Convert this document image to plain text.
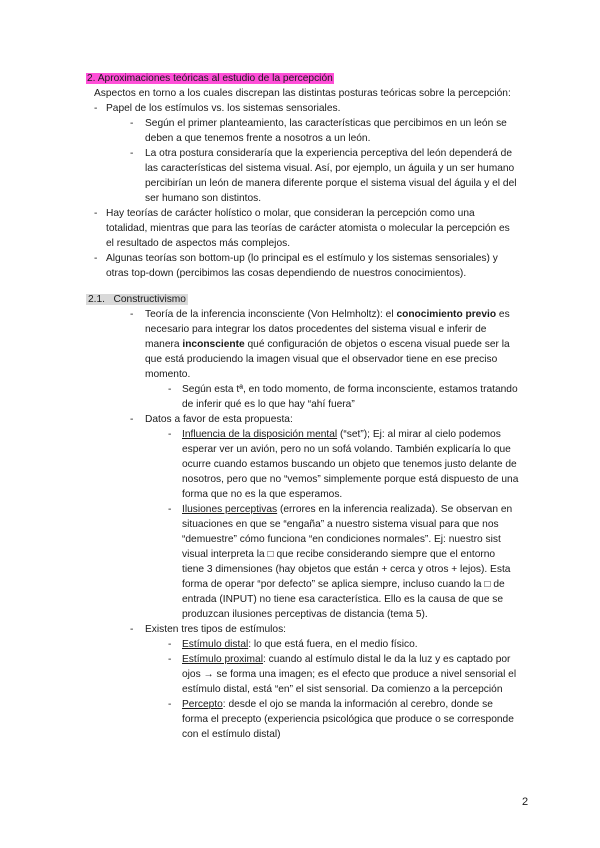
2. Aproximaciones teóricas al estudio de la percepción
Aspectos en torno a los cuales discrepan las distintas posturas teóricas sobre la percepción:
- Papel de los estímulos vs. los sistemas sensoriales.
- Según el primer planteamiento, las características que percibimos en un león se
deben a que tenemos frente a nosotros a un león.
- La otra postura consideraría que la experiencia perceptiva del león dependerá de
las características del sistema visual. Así, por ejemplo, un águila y un ser humano
percibirían un león de manera diferente porque el sistema visual del águila y el del
ser humano son distintos.
- Hay teorías de carácter holístico o molar, que consideran la percepción como una
totalidad, mientras que para las teorías de carácter atomista o molecular la percepción es
el resultado de aspectos más complejos.
- Algunas teorías son bottom-up (lo principal es el estímulo y los sistemas sensoriales) y
otras top-down (percibimos las cosas dependiendo de nuestros conocimientos).
2.1. Constructivismo
- Teoría de la inferencia inconsciente (Von Helmholtz): el conocimiento previo es
necesario para integrar los datos procedentes del sistema visual e inferir de
manera inconsciente qué configuración de objetos o escena visual puede ser la
que está produciendo la imagen visual que el observador tiene en ese preciso
momento.
- Según esta tª, en todo momento, de forma inconsciente, estamos tratando
de inferir qué es lo que hay “ahí fuera”
- Datos a favor de esta propuesta:
- Influencia de la disposición mental (“set”); Ej: al mirar al cielo podemos
esperar ver un avión, pero no un sofá volando. También explicaría lo que
ocurre cuando estamos buscando un objeto que tenemos justo delante de
nosotros, pero que no “vemos” simplemente porque está dispuesto de una
forma que no es la que esperamos.
- Ilusiones perceptivas (errores en la inferencia realizada). Se observan en
situaciones en que se “engaña” a nuestro sistema visual para que nos
“demuestre” cómo funciona “en condiciones normales”. Ej: nuestro sist
visual interpreta la □ que recibe considerando siempre que el entorno
tiene 3 dimensiones (hay objetos que están + cerca y otros + lejos). Esta
forma de operar “por defecto” se aplica siempre, incluso cuando la □ de
entrada (INPUT) no tiene esa característica. Ello es la causa de que se
produzcan ilusiones perceptivas de distancia (tema 5).
- Existen tres tipos de estímulos:
- Estímulo distal: lo que está fuera, en el medio físico.
- Estímulo proximal: cuando al estímulo distal le da la luz y es captado por
ojos → se forma una imagen; es el efecto que produce a nivel sensorial el
estímulo distal, está “en” el sist sensorial. Da comienzo a la percepción
- Percepto: desde el ojo se manda la información al cerebro, donde se
forma el precepto (experiencia psicológica que produce o se corresponde
con el estímulo distal)
2
